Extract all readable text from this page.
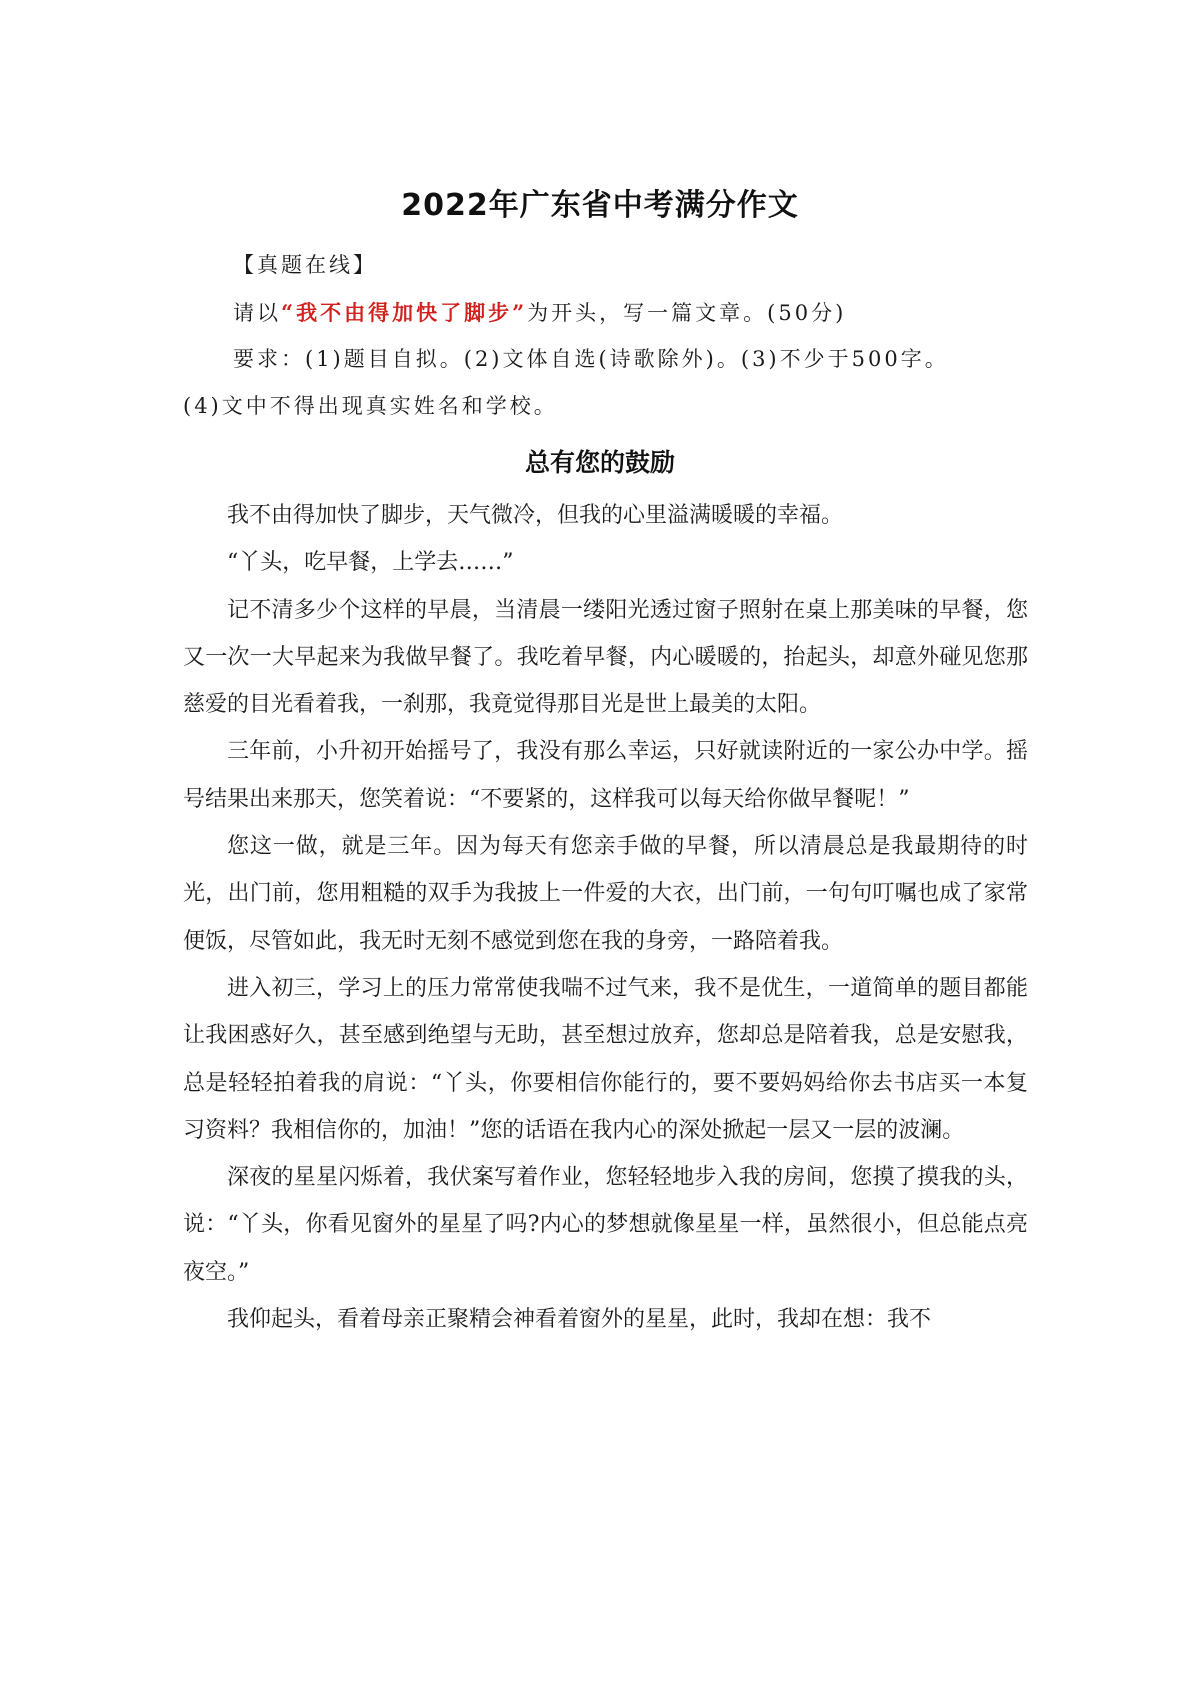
2022年广东省中考满分作文
【真题在线】
请以“我不由得加快了脚步”为开头，写一篇文章。(50分)
要求：(1)题目自拟。(2)文体自选(诗歌除外)。(3)不少于500字。
(4)文中不得出现真实姓名和学校。
总有您的鼓励

我不由得加快了脚步，天气微冷，但我的心里溢满暖暖的幸福。

“丫头，吃早餐，上学去……”

记不清多少个这样的早晨，当清晨一缕阳光透过窗子照射在桌上那美味的早餐，您又一次一大早起来为我做早餐了。我吃着早餐，内心暖暖的，抬起头，却意外碰见您那慈爱的目光看着我，一刹那，我竟觉得那目光是世上最美的太阳。

三年前，小升初开始摇号了，我没有那么幸运，只好就读附近的一家公办中学。摇号结果出来那天，您笑着说：“不要紧的，这样我可以每天给你做早餐呢！”

您这一做，就是三年。因为每天有您亲手做的早餐，所以清晨总是我最期待的时光，出门前，您用粗糙的双手为我披上一件爱的大衣，出门前，一句句叮嘱也成了家常便饭，尽管如此，我无时无刻不感觉到您在我的身旁，一路陪着我。

进入初三，学习上的压力常常使我喘不过气来，我不是优生，一道简单的题目都能让我困惑好久，甚至感到绝望与无助，甚至想过放弃，您却总是陪着我，总是安慰我，总是轻轻拍着我的肩说：“丫头，你要相信你能行的，要不要妈妈给你去书店买一本复习资料？我相信你的，加油！”您的话语在我内心的深处掀起一层又一层的波澜。

深夜的星星闪烁着，我伏案写着作业，您轻轻地步入我的房间，您摸了摸我的头，说：“丫头，你看见窗外的星星了吗?内心的梦想就像星星一样，虽然很小，但总能点亮夜空。”

我仰起头，看着母亲正聚精会神看着窗外的星星，此时，我却在想：我不
